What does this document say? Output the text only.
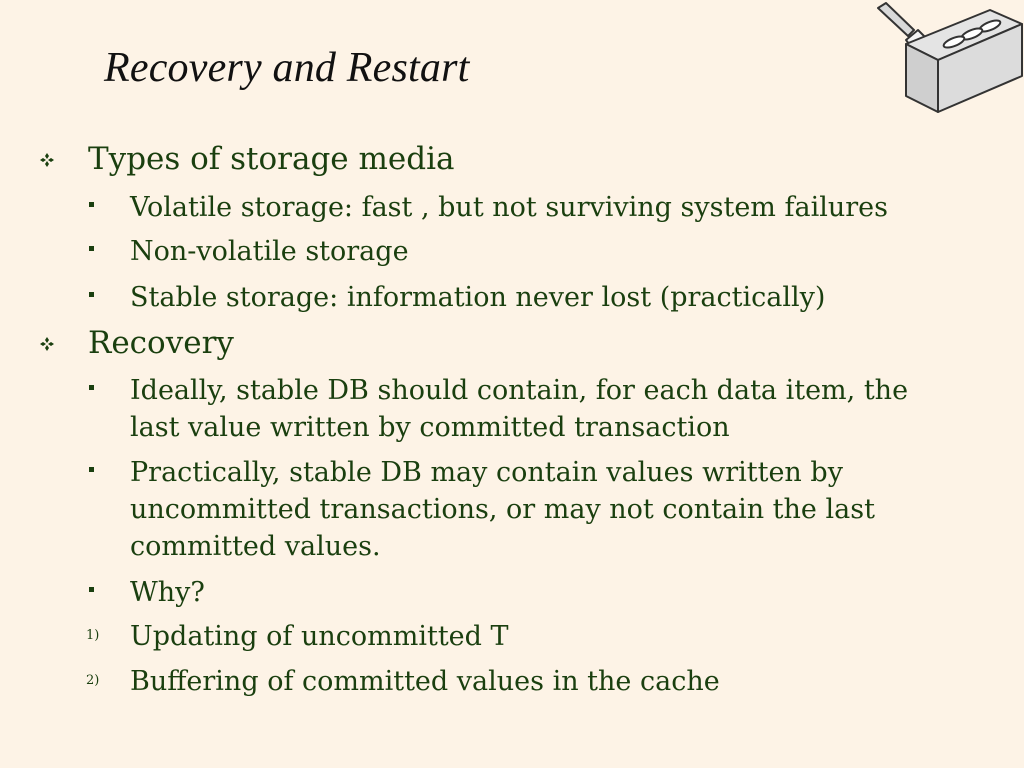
Recovery and Restart
Types of storage media
Volatile storage: fast , but not surviving system failures
Non-volatile storage
Stable storage: information never lost (practically)
Recovery
Ideally, stable DB should contain, for each data item, the
last value written by committed transaction
Practically, stable DB may contain values written by
uncommitted transactions, or may not contain the last
committed values.
Why?
1) Updating of uncommitted T
2) Buffering of committed values in the cache
